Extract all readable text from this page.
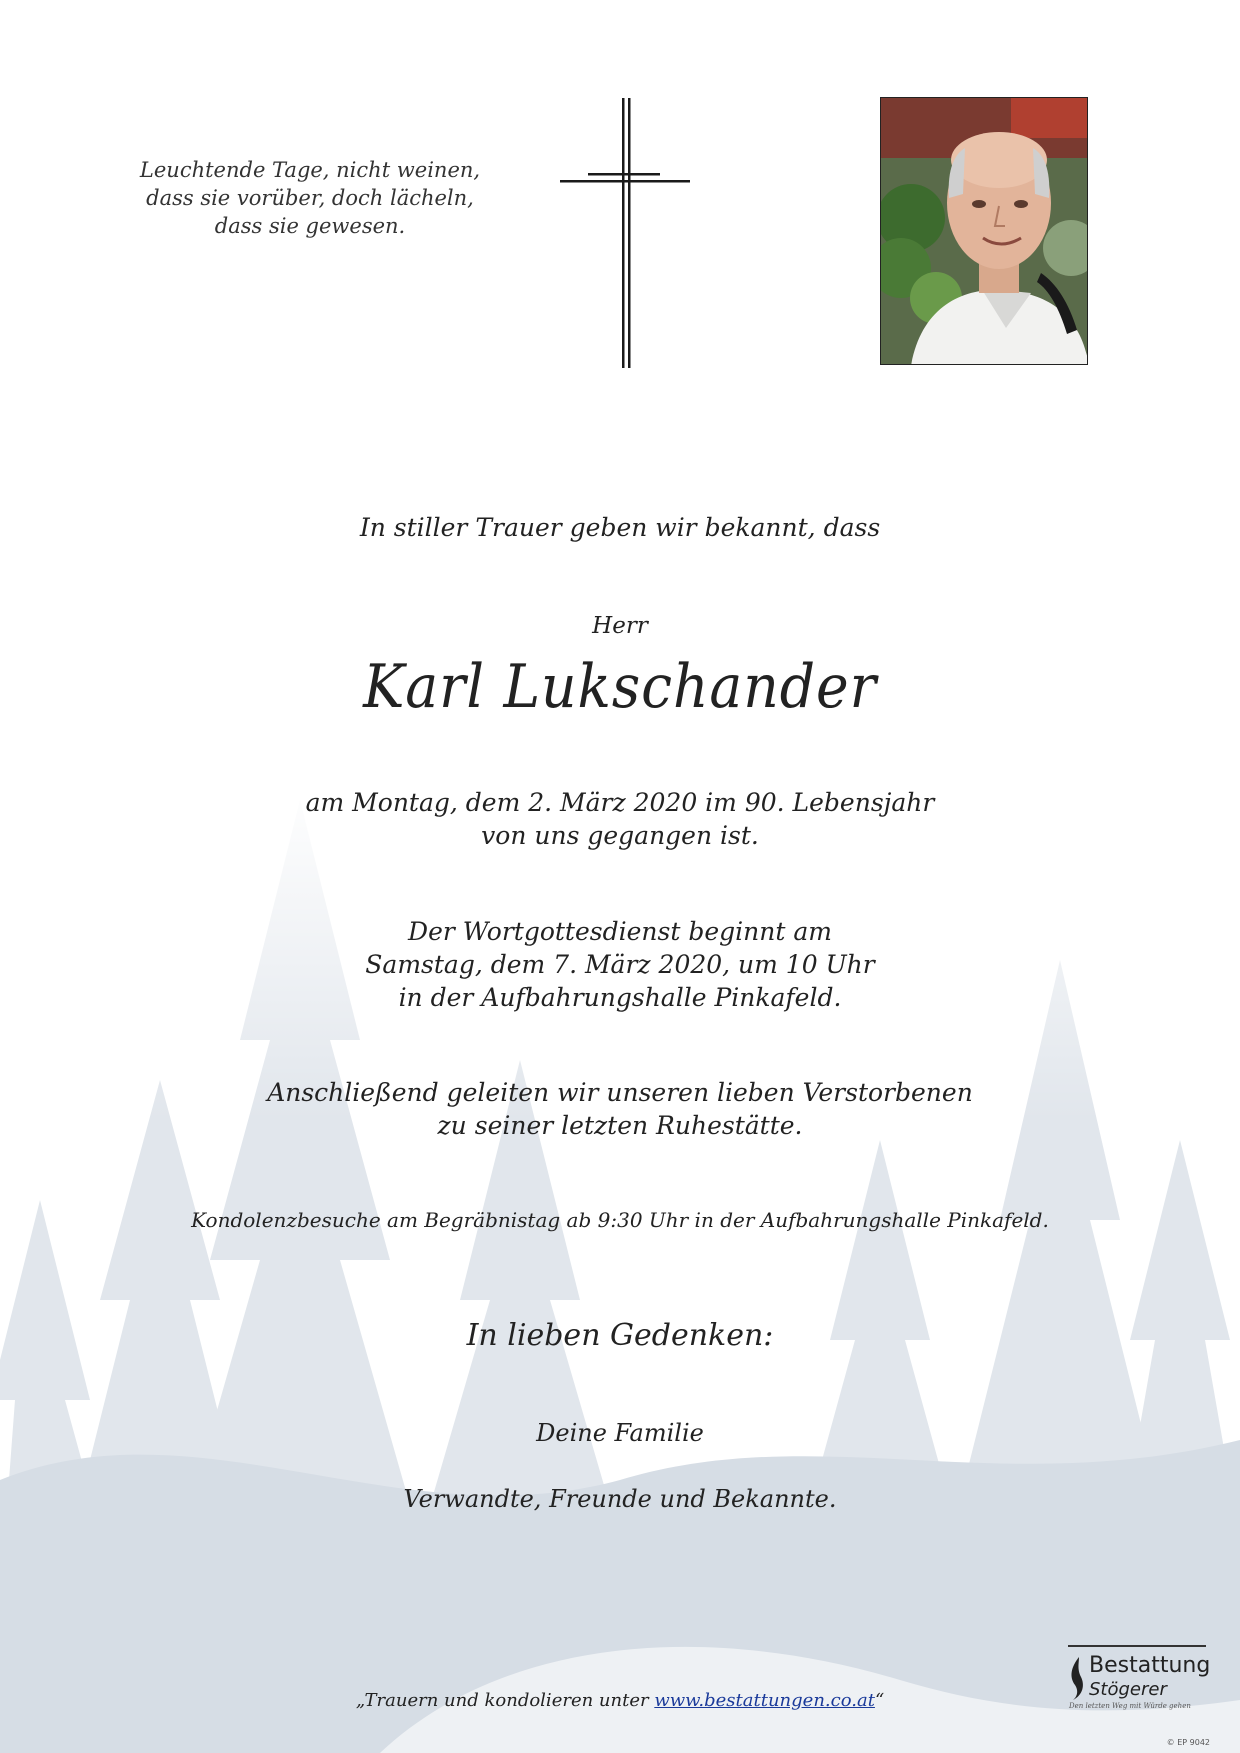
Leuchtende Tage, nicht weinen,
dass sie vorüber, doch lächeln,
dass sie gewesen.
In stiller Trauer geben wir bekannt, dass
Herr
Karl Lukschander
am Montag, dem 2. März 2020 im 90. Lebensjahr
von uns gegangen ist.
Der Wortgottesdienst beginnt am
Samstag, dem 7. März 2020, um 10 Uhr
in der Aufbahrungshalle Pinkafeld.
Anschließend geleiten wir unseren lieben Verstorbenen
zu seiner letzten Ruhestätte.
Kondolenzbesuche am Begräbnistag ab 9:30 Uhr in der Aufbahrungshalle Pinkafeld.
In lieben Gedenken:
Deine Familie
Verwandte, Freunde und Bekannte.
„Trauern und kondolieren unter www.bestattungen.co.at“
Bestattung
Stögerer
Den letzten Weg mit Würde gehen
© EP 9042
